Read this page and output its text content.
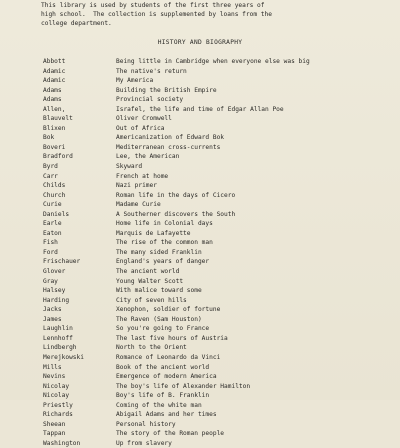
This library is used by students of the first three years of
high school.  The collection is supplemented by loans from the
college department.
HISTORY AND BIOGRAPHY
Abbott	Being little in Cambridge when everyone else was big
Adamic	The native's return
Adamic	My America
Adams	Building the British Empire
Adams	Provincial society
Allen,	Israfel, the life and time of Edgar Allan Poe
Blauvelt	Oliver Cromwell
Blixen	Out of Africa
Bok	Americanization of Edward Bok
Boveri	Mediterranean cross-currents
Bradford	Lee, the American
Byrd	Skyward
Carr	French at home
Childs	Nazi primer
Church	Roman life in the days of Cicero
Curie	Madame Curie
Daniels	A Southerner discovers the South
Earle	Home life in Colonial days
Eaton	Marquis de Lafayette
Fish	The rise of the common man
Ford	The many sided Franklin
Frischauer	England's years of danger
Glover	The ancient world
Gray	Young Walter Scott
Halsey	With malice toward some
Harding	City of seven hills
Jacks	Xenophon, soldier of fortune
James	The Raven (Sam Houston)
Laughlin	So you're going to France
Lennhoff	The last five hours of Austria
Lindbergh	North to the Orient
Merejkowski	Romance of Leonardo da Vinci
Mills	Book of the ancient world
Nevins	Emergence of modern America
Nicolay	The boy's life of Alexander Hamilton
Nicolay	Boy's life of B. Franklin
Priestly	Coming of the white man
Richards	Abigail Adams and her times
Sheean	Personal history
Tappan	The story of the Roman people
Washington	Up from slavery
